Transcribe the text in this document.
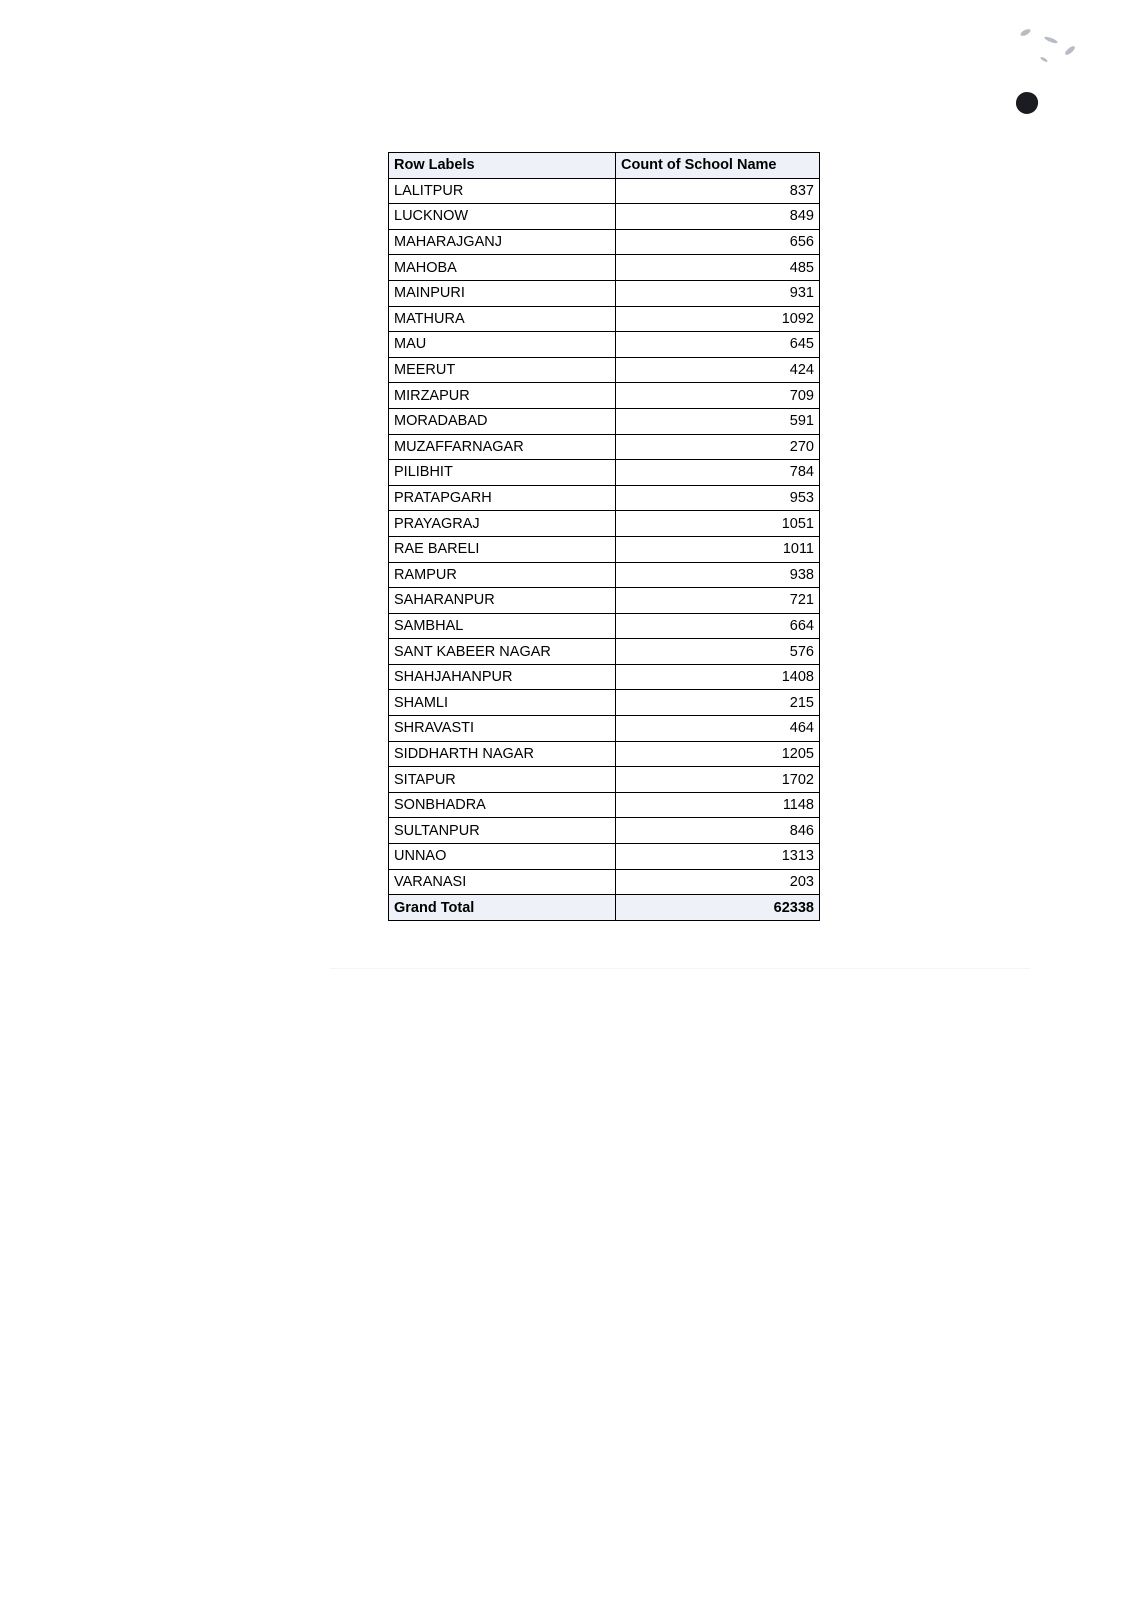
Row Labels	Count of School Name
LALITPUR	837
LUCKNOW	849
MAHARAJGANJ	656
MAHOBA	485
MAINPURI	931
MATHURA	1092
MAU	645
MEERUT	424
MIRZAPUR	709
MORADABAD	591
MUZAFFARNAGAR	270
PILIBHIT	784
PRATAPGARH	953
PRAYAGRAJ	1051
RAE BARELI	1011
RAMPUR	938
SAHARANPUR	721
SAMBHAL	664
SANT KABEER NAGAR	576
SHAHJAHANPUR	1408
SHAMLI	215
SHRAVASTI	464
SIDDHARTH NAGAR	1205
SITAPUR	1702
SONBHADRA	1148
SULTANPUR	846
UNNAO	1313
VARANASI	203
Grand Total	62338
